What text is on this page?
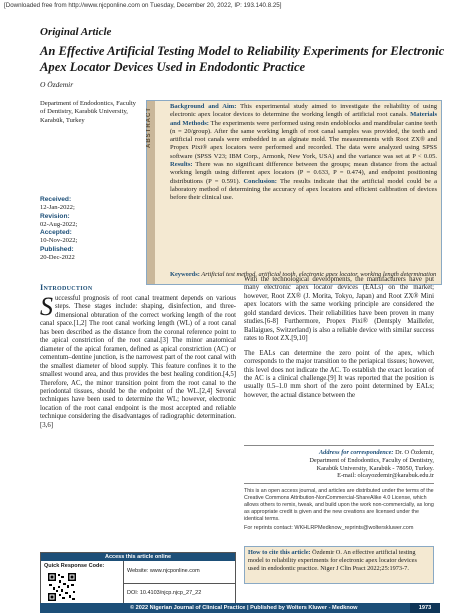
[Downloaded free from http://www.njcponline.com on Tuesday, December 20, 2022, IP: 193.140.8.25]
Original Article
An Effective Artificial Testing Model to Reliability Experiments for Electronic Apex Locator Devices Used in Endodontic Practice
O Özdemir
Department of Endodontics, Faculty of Dentistry, Karabük University, Karabük, Turkey
Received:
12-Jan-2022;
Revision:
02-Aug-2022;
Accepted:
10-Nov-2022;
Published:
20-Dec-2022
ABSTRACT
Background and Aim: This experimental study aimed to investigate the reliability of using electronic apex locator devices to determine the working length of artificial root canals. Materials and Methods: The experiments were performed using resin endoblocks and mandibular canine teeth (n = 20/group). After the same working length of root canal samples was provided, the teeth and artificial root canals were embedded in an alginate mold. The measurements with Root ZX® and Propex Pixi® apex locators were performed and recorded. The data were analyzed using SPSS software (SPSS V23; IBM Corp., Armonk, New York, USA) and the variance was set at P < 0.05. Results: There was no significant difference between the groups; mean distance from the actual working length using different apex locators (P = 0.633, P = 0.474), and endpoint positioning distributions (P = 0.591). Conclusion: The results indicate that the artificial model could be a laboratory method of determining the accuracy of apex locators and efficient calibration of devices before their clinical use.
Keywords: Artificial test method, artificial tooth, electronic apex locator, working length determination
Introduction
Successful prognosis of root canal treatment depends on various steps. These stages include: shaping, disinfection, and three-dimensional obturation of the correct working length of the root canal space.[1,2] The root canal working length (WL) of a root canal has been described as the distance from the coronal reference point to the apical constriction of the root canal.[3] The minor anatomical diameter of the apical foramen, defined as apical constriction (AC) or cementum–dentine junction, is the narrowest part of the root canal with the smallest diameter of blood supply. This feature confines it to the smallest wound area, and thus provides the best healing condition.[4,5] Therefore, AC, the minor transition point from the root canal to the periodontal tissues, should be the endpoint of the WL.[2,4] Several techniques have been used to determine the WL; however, electronic location of the root canal endpoint is the most accepted and reliable technique considering the disadvantages of radiographic determination.[3,6]
With the technological developments, the manufacturers have put many electronic apex locator devices (EALs) on the market; however, Root ZX® (J. Morita, Tokyo, Japan) and Root ZX® Mini apex locators with the same working principle are considered the gold standard devices. Their reliabilities have been proven in many studies.[6-8] Furthermore, Propex Pixi® (Dentsply Maillefer, Ballaigues, Switzerland) is also a reliable device with similar success rates to Root ZX.[9,10]
The EALs can determine the zero point of the apex, which corresponds to the major transition to the periapical tissues; however, this level does not indicate the AC. To establish the exact location of the AC is a clinical challenge.[9] It was reported that the position is usually 0.5–1.0 mm short of the zero point determined by EALs; however, the actual distance between the
Address for correspondence: Dr. O Özdemir,
Department of Endodontics, Faculty of Dentistry,
Karabük University, Karabük - 78050, Turkey.
E-mail: olcayozdemir@karabuk.edu.tr
This is an open access journal, and articles are distributed under the terms of the Creative Commons Attribution-NonCommercial-ShareAlike 4.0 License, which allows others to remix, tweak, and build upon the work non-commercially, as long as appropriate credit is given and the new creations are licensed under the identical terms.
For reprints contact: WKHLRPMedknow_reprints@wolterskluwer.com
How to cite this article: Özdemir O. An effective artificial testing model to reliability experiments for electronic apex locator devices used in endodontic practice. Niger J Clin Pract 2022;25:1973-7.
Access this article online
Quick Response Code:
Website: www.njcponline.com
DOI: 10.4103/njcp.njcp_27_22
© 2022 Nigerian Journal of Clinical Practice | Published by Wolters Kluwer - Medknow	1973
